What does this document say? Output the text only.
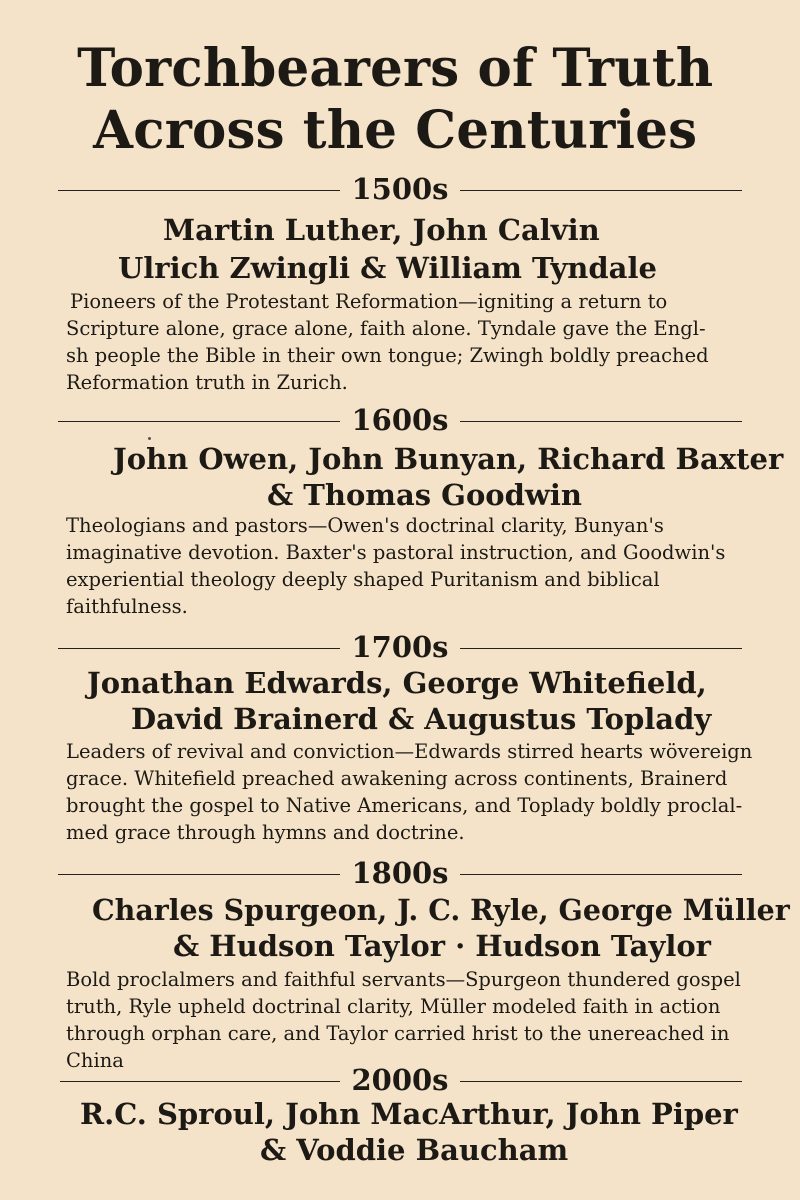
Torchbearers of Truth
Across the Centuries
1500s
Martin Luther, John Calvin
Ulrich Zwingli & William Tyndale
Pioneers of the Protestant Reformation—igniting a return to
Scripture alone, grace alone, faith alone. Tyndale gave the Engl-
sh people the Bible in their own tongue; Zwingh boldly preached
Reformation truth in Zurich.
1600s
John Owen, John Bunyan, Richard Baxter
& Thomas Goodwin
Theologians and pastors—Owen's doctrinal clarity, Bunyan's
imaginative devotion. Baxter's pastoral instruction, and Goodwin's
experiential theology deeply shaped Puritanism and biblical
faithfulness.
1700s
Jonathan Edwards, George Whitefield,
David Brainerd & Augustus Toplady
Leaders of revival and conviction—Edwards stirred hearts wövereign
grace. Whitefield preached awakening across continents, Brainerd
brought the gospel to Native Americans, and Toplady boldly proclal-
med grace through hymns and doctrine.
1800s
Charles Spurgeon, J. C. Ryle, George Müller
& Hudson Taylor · Hudson Taylor
Bold proclalmers and faithful servants—Spurgeon thundered gospel
truth, Ryle upheld doctrinal clarity, Müller modeled faith in action
through orphan care, and Taylor carried hrist to the unereached in
China
2000s
R.C. Sproul, John MacArthur, John Piper
& Voddie Baucham
